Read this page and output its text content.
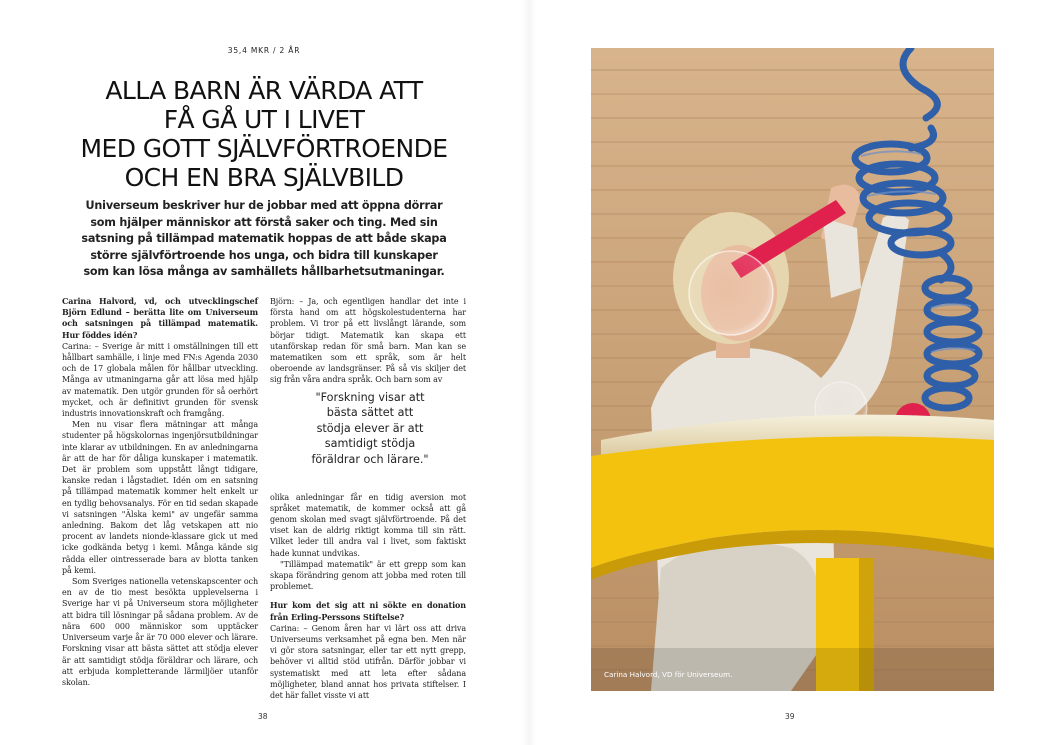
35,4 MKR / 2 ÅR
ALLA BARN ÄR VÄRDA ATT
FÅ GÅ UT I LIVET
MED GOTT SJÄLVFÖRTROENDE
OCH EN BRA SJÄLVBILD
Universeum beskriver hur de jobbar med att öppna dörrar
som hjälper människor att förstå saker och ting. Med sin
satsning på tillämpad matematik hoppas de att både skapa
större självförtroende hos unga, och bidra till kunskaper
som kan lösa många av samhällets hållbarhetsutmaningar.

Carina Halvord, vd, och utvecklingschef Björn Edlund – berätta lite om Universeum och satsningen på tillämpad matematik. Hur föddes idén?

Carina: – Sverige är mitt i omställningen till ett hållbart samhälle, i linje med FN:s Agenda 2030 och de 17 globala målen för hållbar utveckling. Många av utmaningarna går att lösa med hjälp av matematik. Den utgör grunden för så oerhört mycket, och är definitivt grunden för svensk industris innovationskraft och framgång.

Men nu visar flera mätningar att många studenter på högskolornas ingenjörsutbildningar inte klarar av utbildningen. En av anledningarna är att de har för dåliga kunskaper i matematik. Det är problem som uppstått långt tidigare, kanske redan i lågstadiet. Idén om en satsning på tillämpad matematik kommer helt enkelt ur en tydlig behovsanalys. För en tid sedan skapade vi satsningen "Älska kemi" av ungefär samma anledning. Bakom det låg vetskapen att nio procent av landets nionde-klassare gick ut med icke godkända betyg i kemi. Många kände sig rädda eller ointresserade bara av blotta tanken på kemi.

Som Sveriges nationella vetenskapscenter och en av de tio mest besökta upplevelserna i Sverige har vi på Universeum stora möjligheter att bidra till lösningar på sådana problem. Av de nära 600 000 människor som upptäcker Universeum varje år är 70 000 elever och lärare. Forskning visar att bästa sättet att stödja elever är att samtidigt stödja föräldrar och lärare, och att erbjuda kompletterande lärmiljöer utanför skolan.

Björn: – Ja, och egentligen handlar det inte i första hand om att högskolestudenterna har problem. Vi tror på ett livslångt lärande, som börjar tidigt. Matematik kan skapa ett utanförskap redan för små barn. Man kan se matematiken som ett språk, som är helt oberoende av landsgränser. På så vis skiljer det sig från våra andra språk. Och barn som av

olika anledningar får en tidig aversion mot språket matematik, de kommer också att gå genom skolan med svagt självförtroende. På det viset kan de aldrig riktigt komma till sin rätt. Vilket leder till andra val i livet, som faktiskt hade kunnat undvikas.

"Tillämpad matematik" är ett grepp som kan skapa förändring genom att jobba med roten till problemet.

Hur kom det sig att ni sökte en donation från Erling-Perssons Stiftelse?

Carina: – Genom åren har vi lärt oss att driva Universeums verksamhet på egna ben. Men när vi gör stora satsningar, eller tar ett nytt grepp, behöver vi alltid stöd utifrån. Därför jobbar vi systematiskt med att leta efter sådana möjligheter, bland annat hos privata stiftelser. I det här fallet visste vi att

"Forskning visar att
bästa sättet att
stödja elever är att
samtidigt stödja
föräldrar och lärare."
38	39
Carina Halvord, VD för Universeum.
